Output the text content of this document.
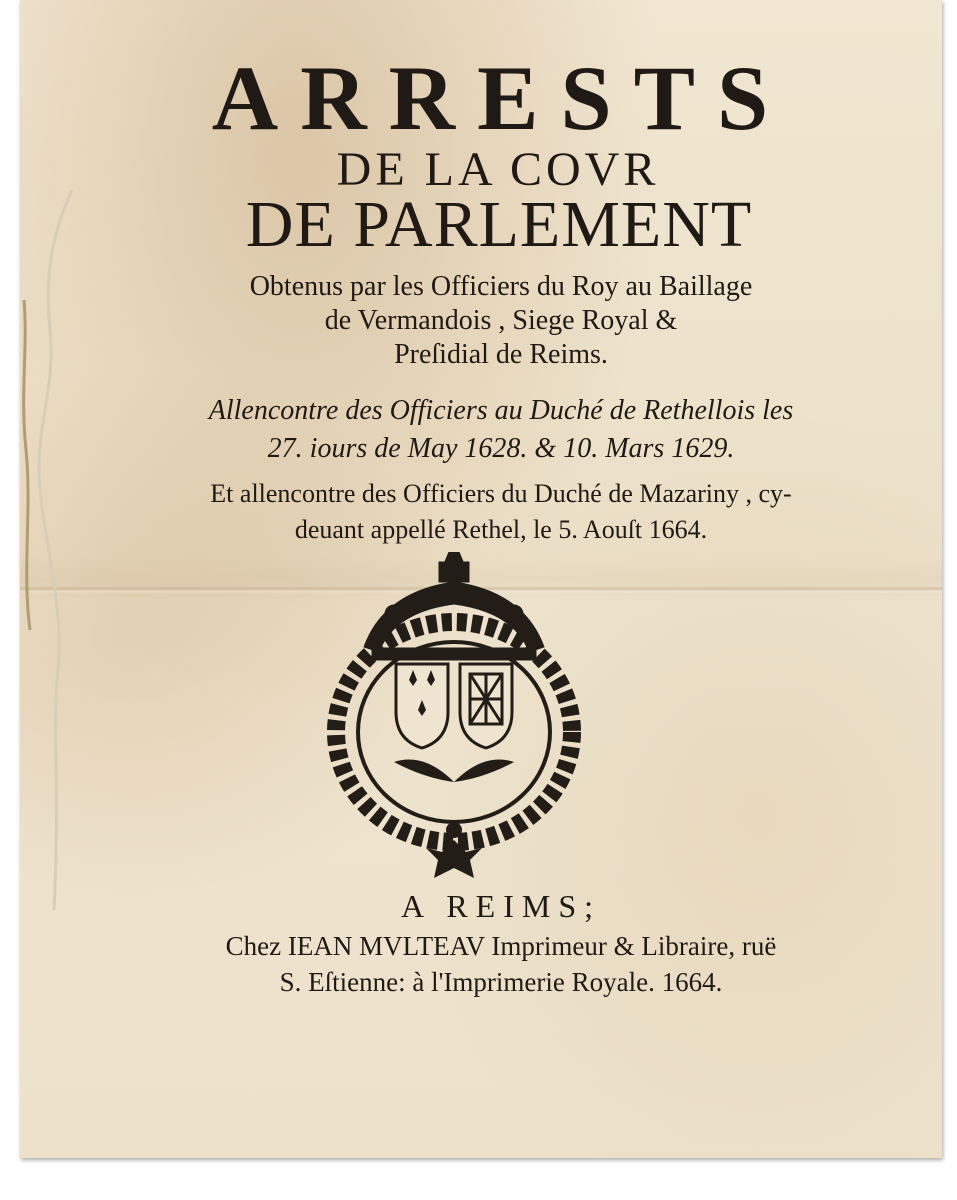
ARRESTS
DE LA COVR
DE PARLEMENT
Obtenus par les Officiers du Roy au Baillage
de Vermandois , Siege Royal &
Preſidial de Reims.
Allencontre des Officiers au Duché de Rethellois les
27. iours de May 1628. & 10. Mars 1629.
Et allencontre des Officiers du Duché de Mazariny , cy-
deuant appellé Rethel, le 5. Aouſt 1664.
A REIMS;
Chez IEAN MVLTEAV Imprimeur & Libraire, ruë
S. Eſtienne: à l'Imprimerie Royale. 1664.
